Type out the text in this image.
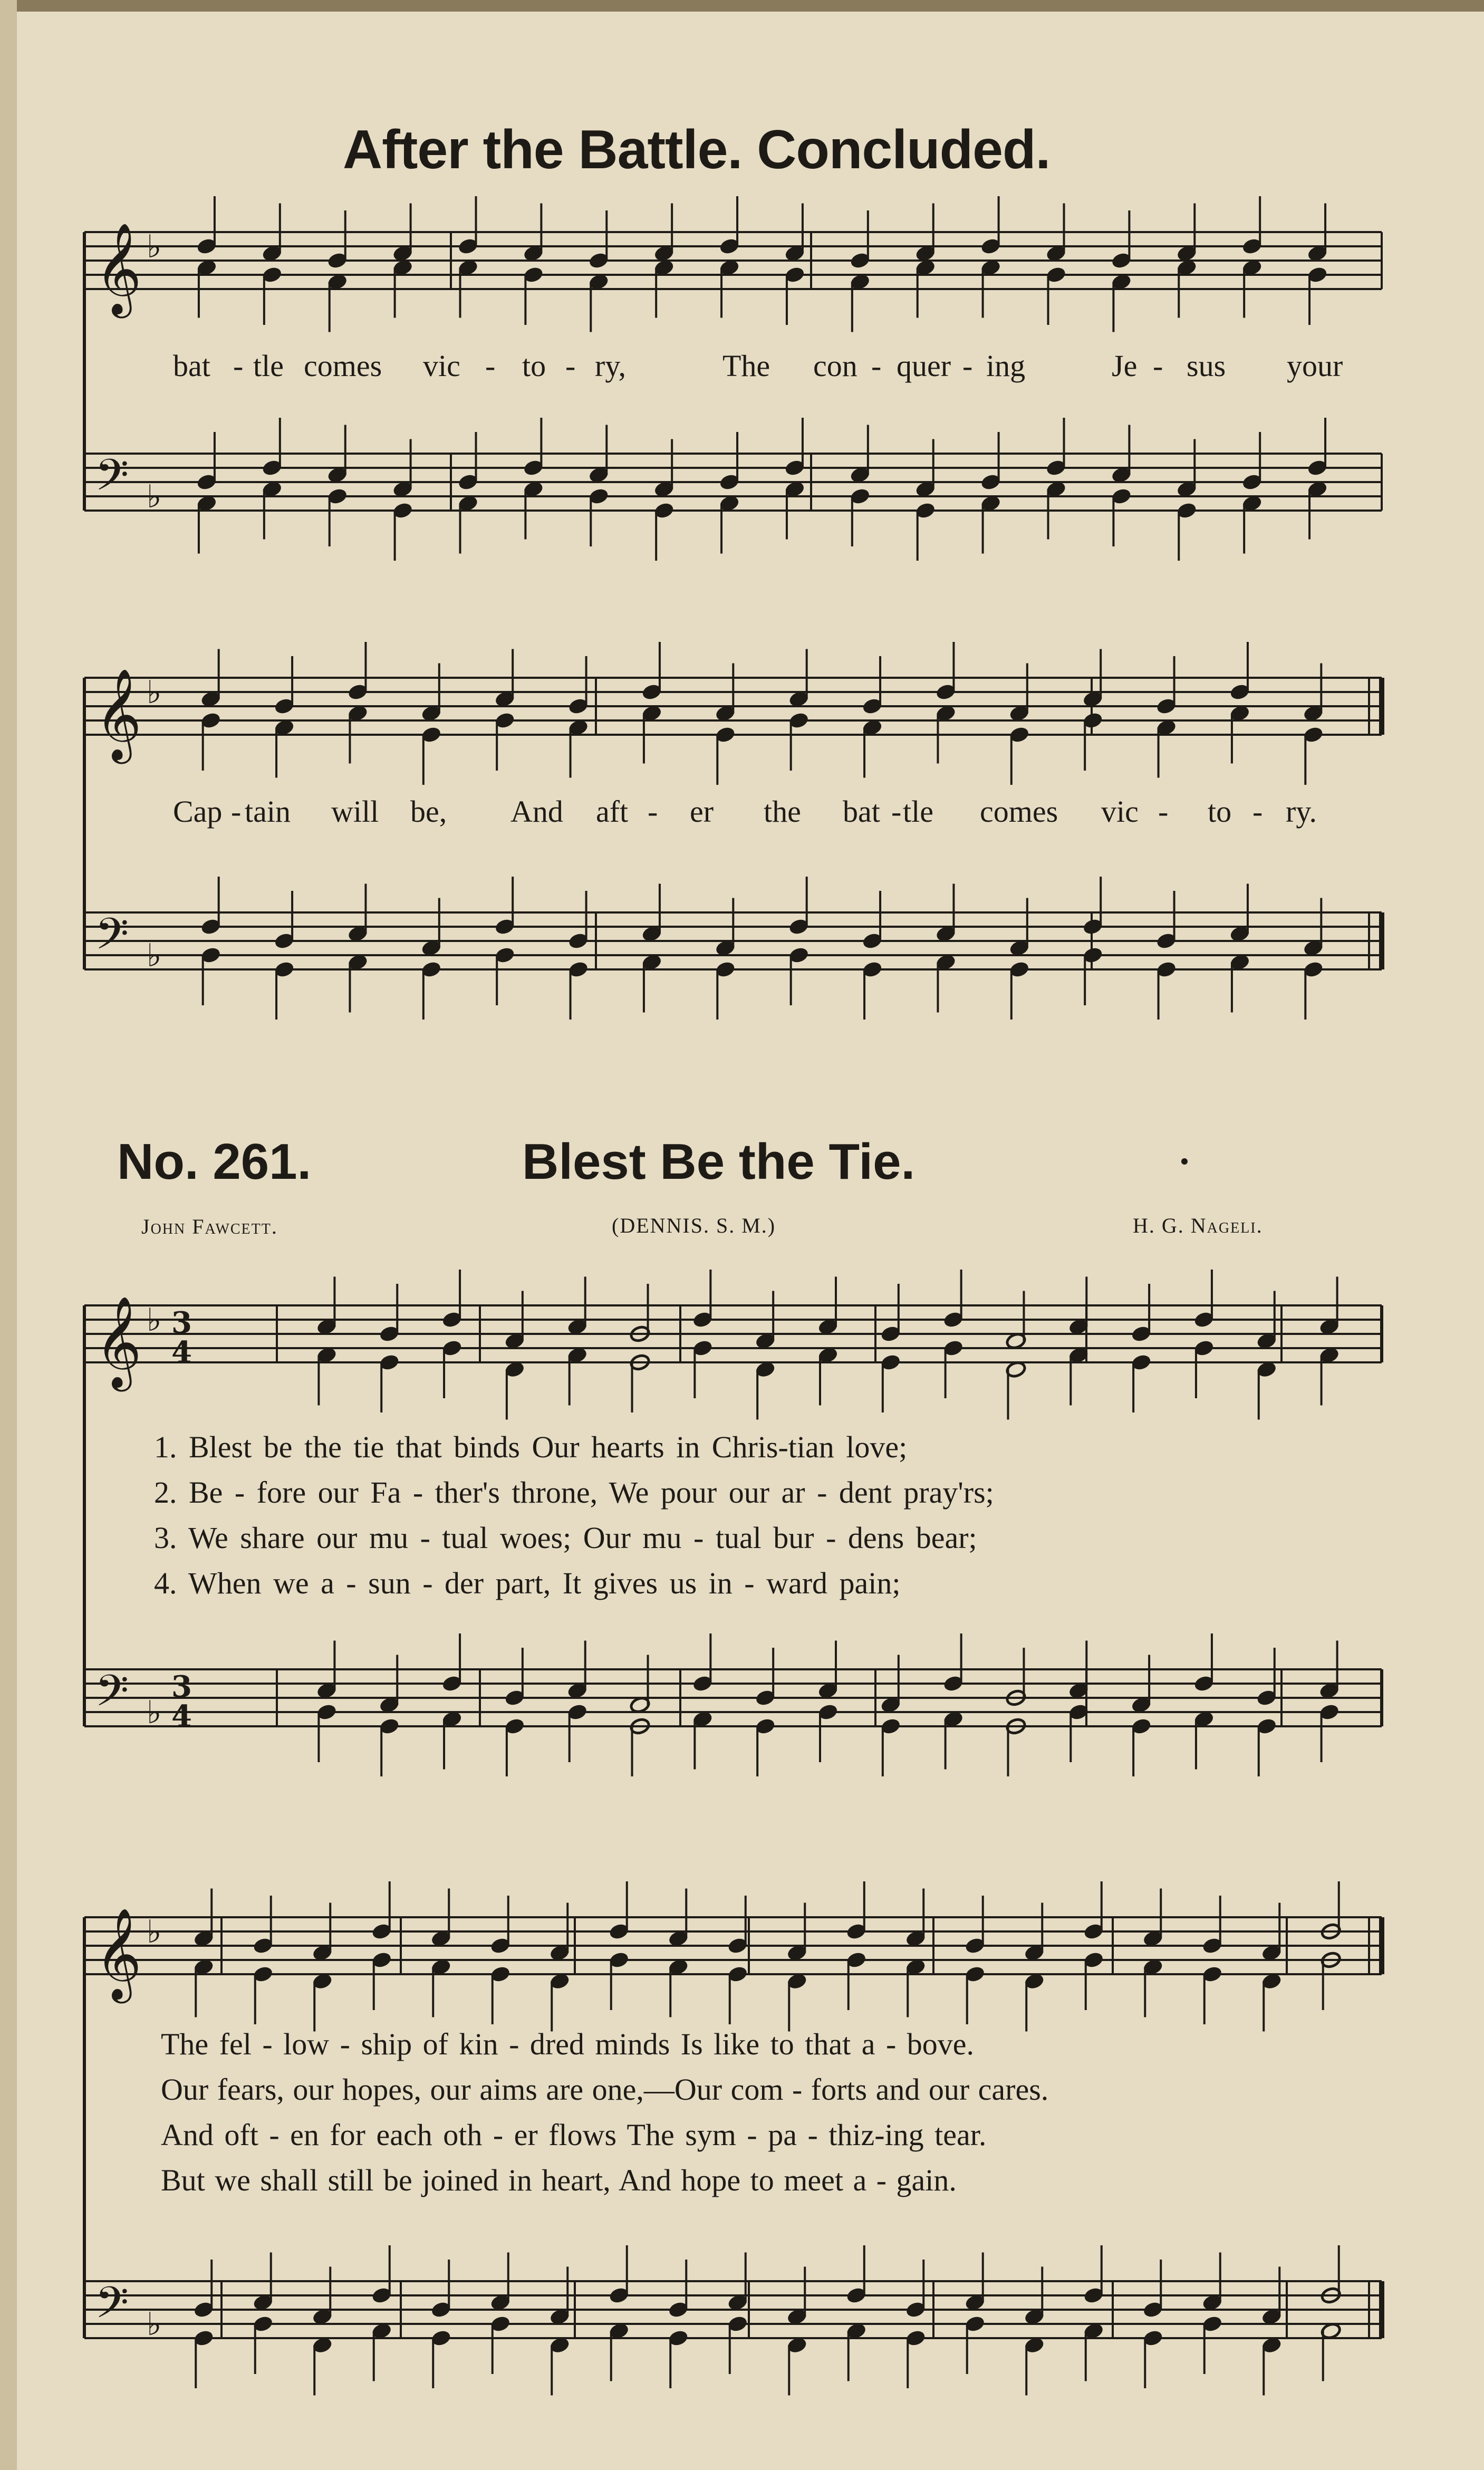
𝄞
𝄢
♭
♭
𝄞
𝄢
♭
♭
𝄞
𝄢
♭
♭
3
4
3
4
𝄞
𝄢
♭
♭
After the Battle. Concluded.
bat - tle comes vic - to - ry,	The con - quer - ing	Je - sus your
Cap - tain will be, And aft - er the bat - tle comes vic - to - ry.
No. 261.	Blest Be the Tie.
John Fawcett.	(DENNIS. S. M.)	H. G. Nageli.
1. Blest be the tie that binds Our hearts in Chris-tian love;
2. Be - fore our Fa - ther's throne, We pour our ar - dent pray'rs;
3. We share our mu - tual woes; Our mu - tual bur - dens bear;
4. When we a - sun - der part, It gives us in - ward pain;
The fel - low - ship of kin - dred minds Is like to that a - bove.
Our fears, our hopes, our aims are one,—Our com - forts and our cares.
And oft - en for each oth - er flows The sym - pa - thiz-ing tear.
But we shall still be joined in heart, And hope to meet a - gain.
